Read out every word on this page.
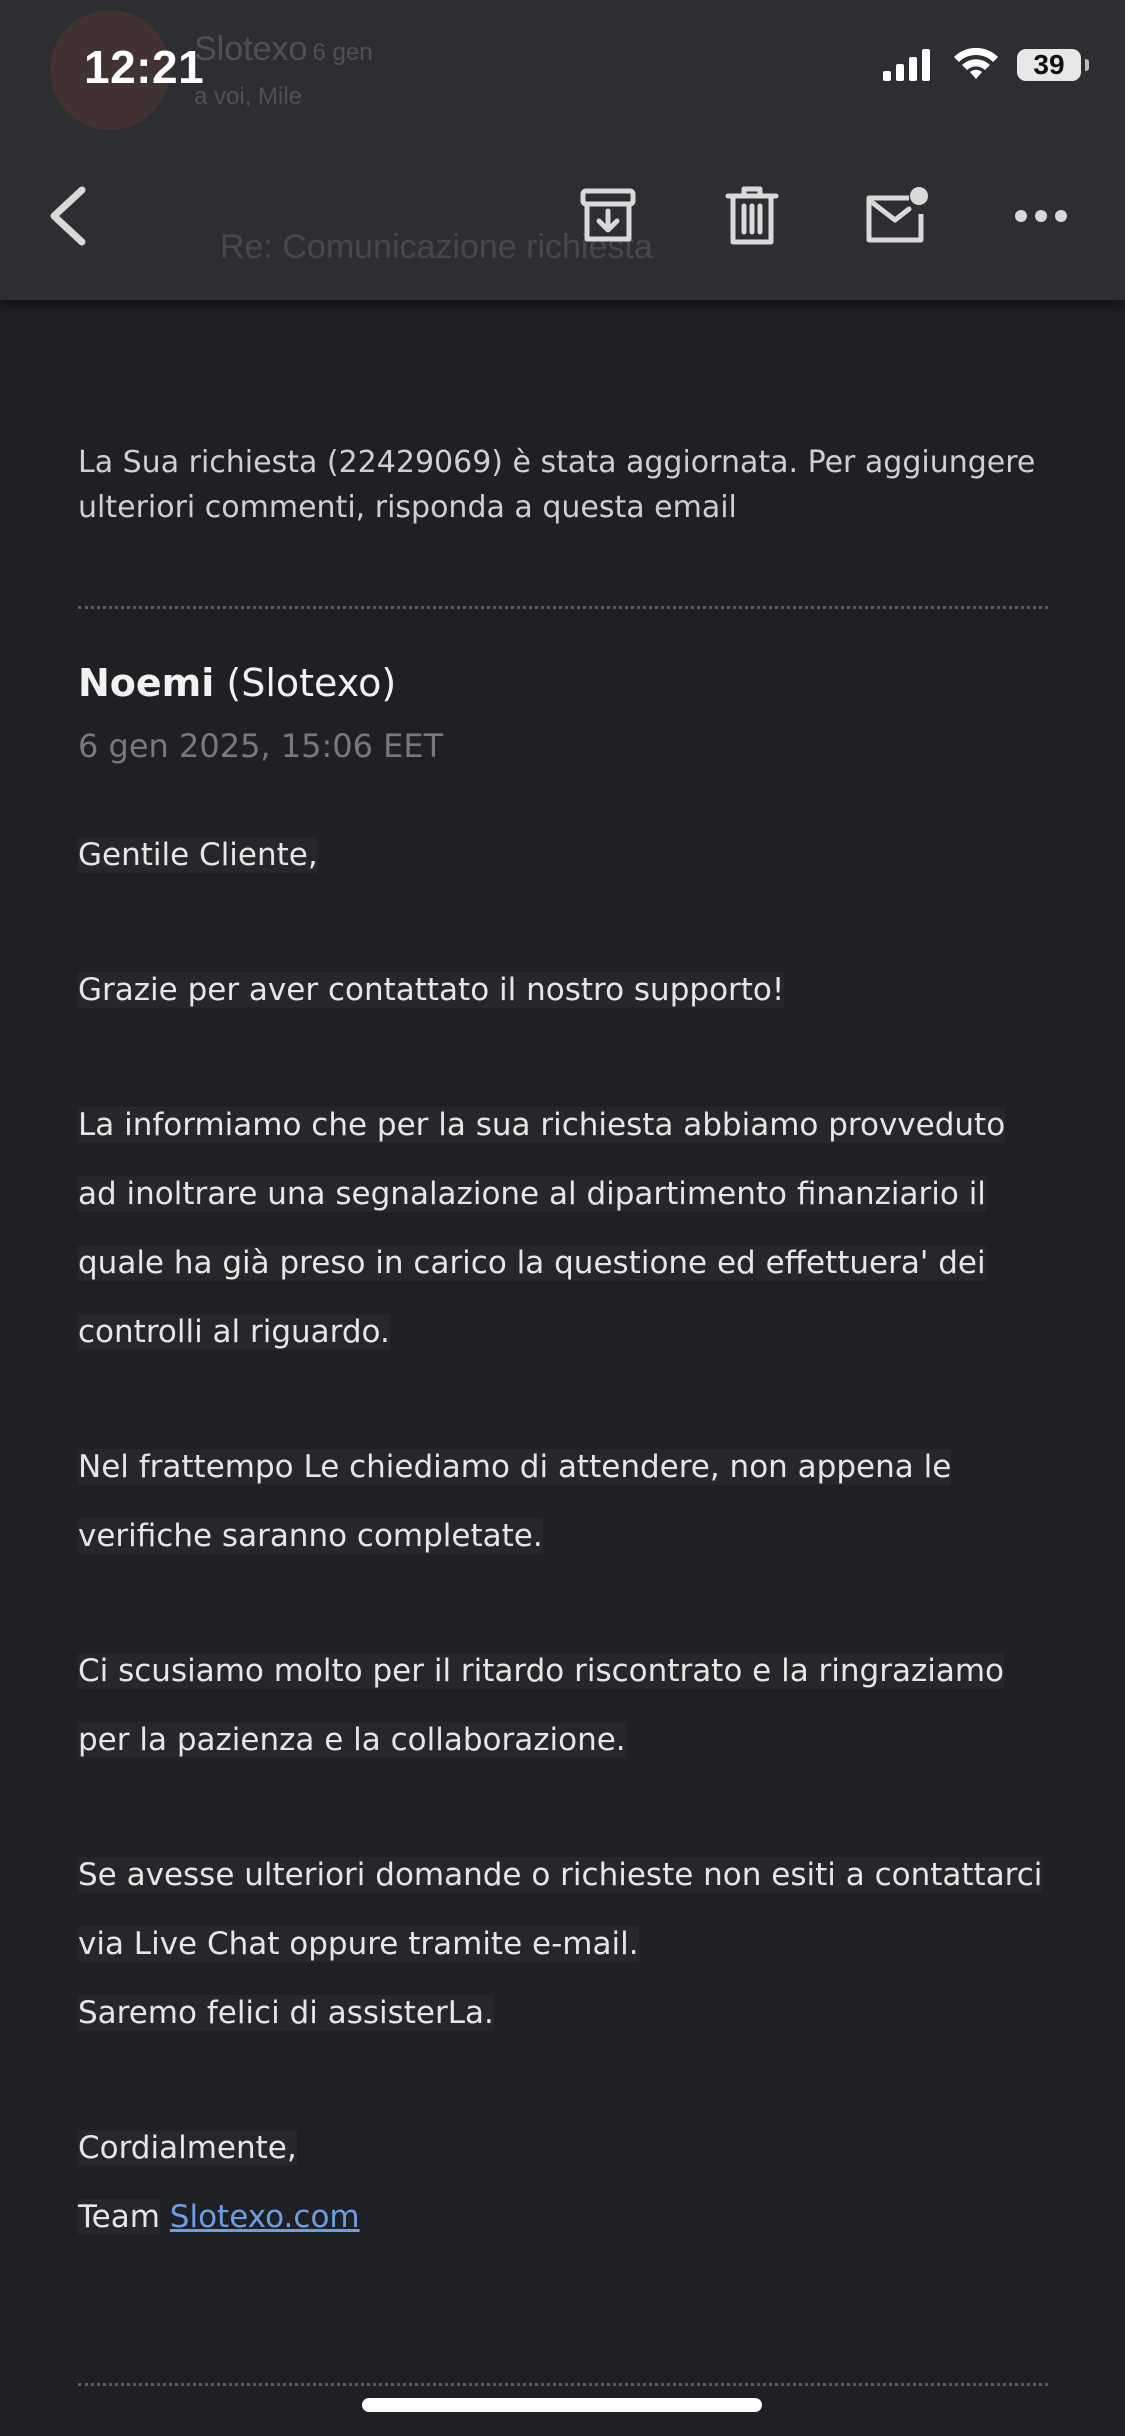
Slotexo 6 gen
a voi, Mile
Re: Comunicazione richiesta
12:21	39
La Sua richiesta (22429069) è stata aggiornata. Per aggiungere ulteriori commenti, risponda a questa email
Noemi (Slotexo)
6 gen 2025, 15:06 EET

Gentile Cliente,

Grazie per aver contattato il nostro supporto!

La informiamo che per la sua richiesta abbiamo provveduto ad inoltrare una segnalazione al dipartimento finanziario il quale ha già preso in carico la questione ed effettuera' dei controlli al riguardo.

Nel frattempo Le chiediamo di attendere, non appena le verifiche saranno completate.

Ci scusiamo molto per il ritardo riscontrato e la ringraziamo per la pazienza e la collaborazione.

Se avesse ulteriori domande o richieste non esiti a contattarci via Live Chat oppure tramite e-mail.
Saremo felici di assisterLa.

Cordialmente,
Team Slotexo.com
